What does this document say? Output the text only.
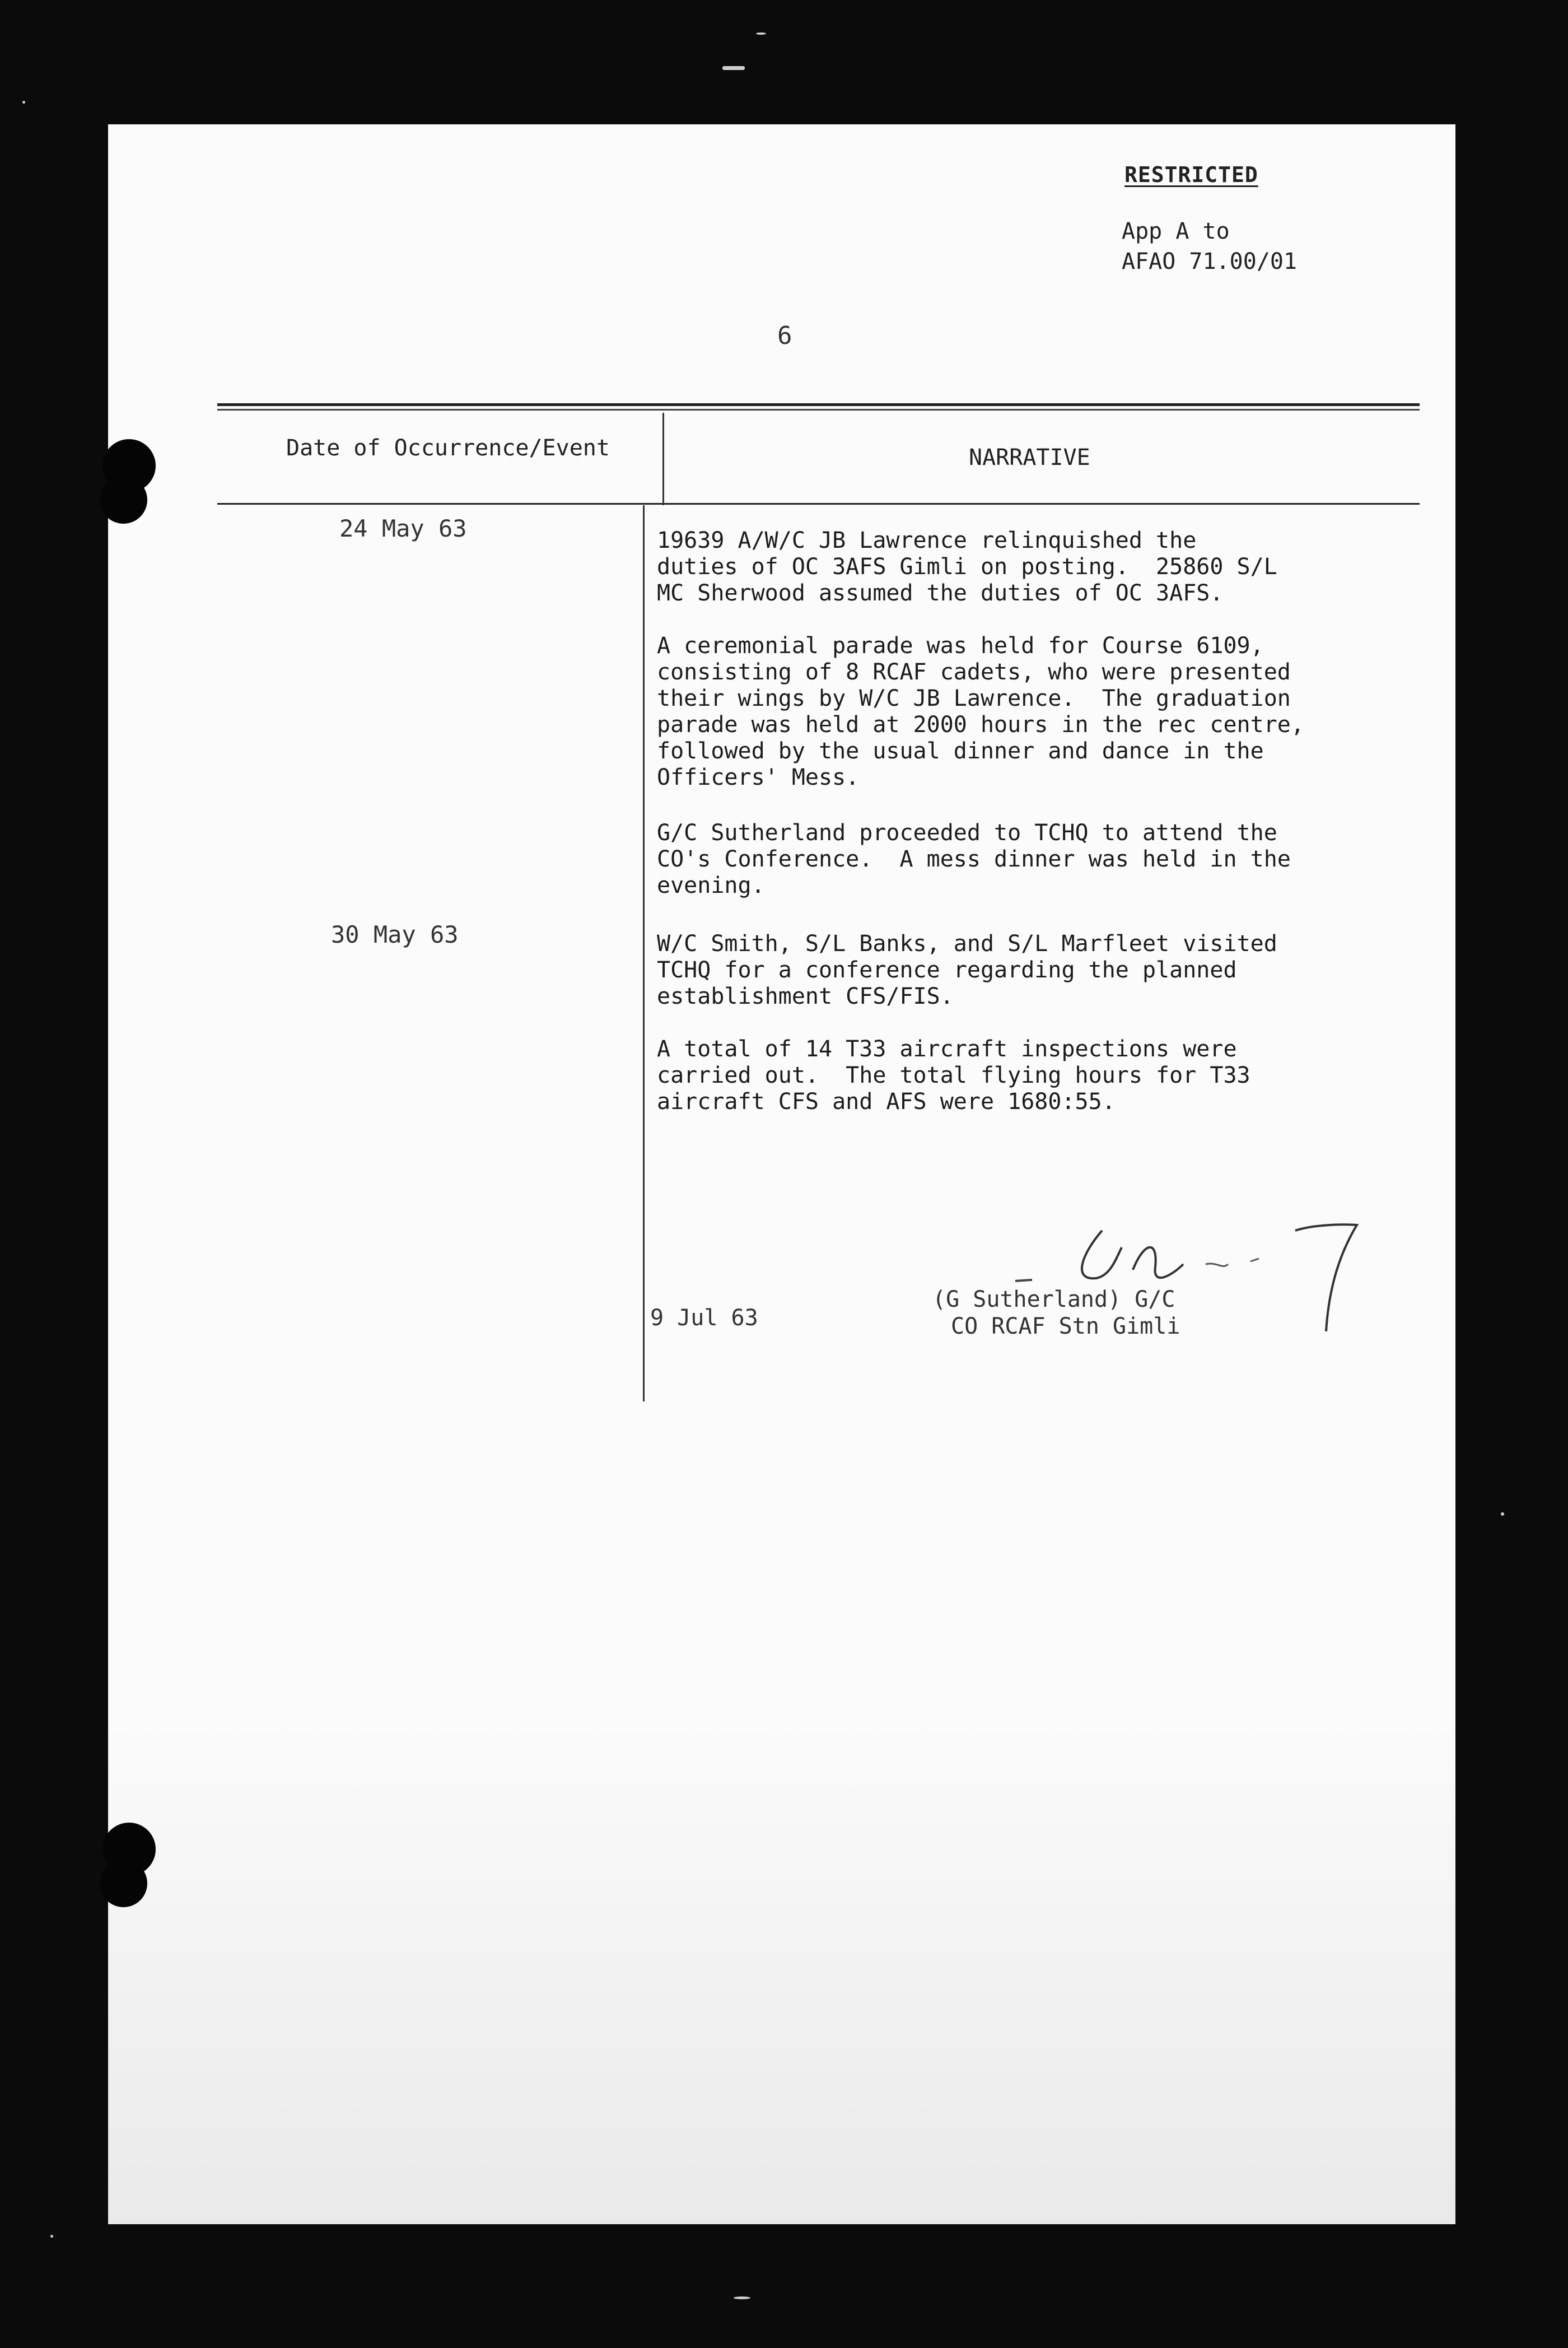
RESTRICTED
App A to
AFAO 71.00/01
6
Date of Occurrence/Event	NARRATIVE
24 May 63	19639 A/W/C JB Lawrence relinquished the
duties of OC 3AFS Gimli on posting.  25860 S/L
MC Sherwood assumed the duties of OC 3AFS.
A ceremonial parade was held for Course 6109,
consisting of 8 RCAF cadets, who were presented
their wings by W/C JB Lawrence.  The graduation
parade was held at 2000 hours in the rec centre,
followed by the usual dinner and dance in the
Officers' Mess.
G/C Sutherland proceeded to TCHQ to attend the
CO's Conference.  A mess dinner was held in the
evening.
30 May 63	W/C Smith, S/L Banks, and S/L Marfleet visited
TCHQ for a conference regarding the planned
establishment CFS/FIS.
A total of 14 T33 aircraft inspections were
carried out.  The total flying hours for T33
aircraft CFS and AFS were 1680:55.
9 Jul 63
(G Sutherland) G/C
CO RCAF Stn Gimli
